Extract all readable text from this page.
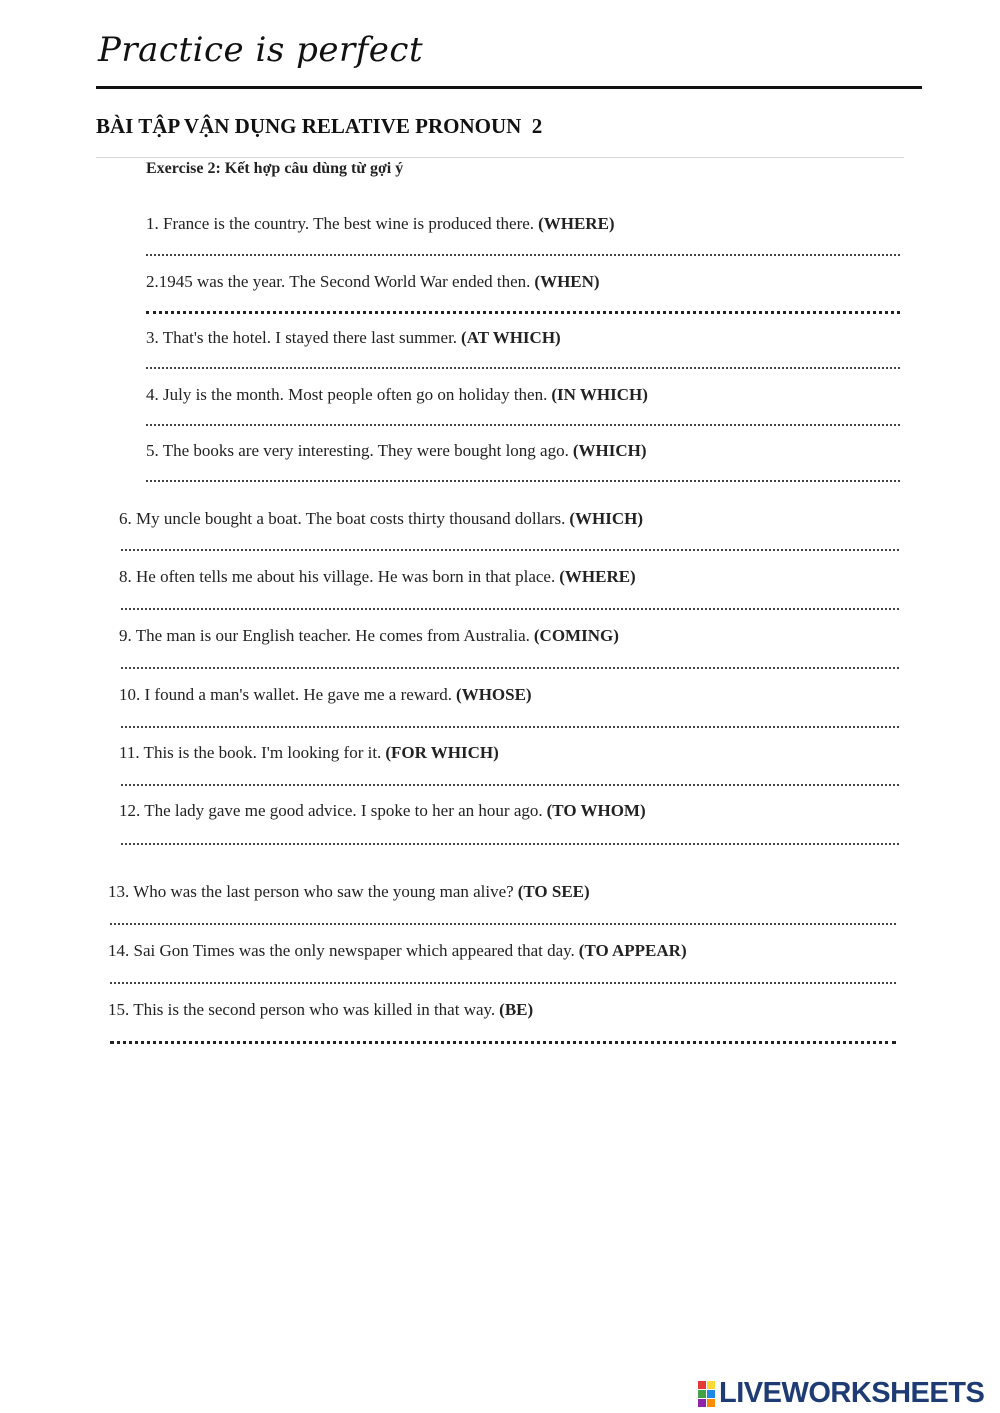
Practice is perfect
BÀI TẬP VẬN DỤNG RELATIVE PRONOUN  2
Exercise 2: Kết hợp câu dùng từ gợi ý
1. France is the country. The best wine is produced there. (WHERE)
2.1945 was the year. The Second World War ended then. (WHEN)
3. That's the hotel. I stayed there last summer. (AT WHICH)
4. July is the month. Most people often go on holiday then. (IN WHICH)
5. The books are very interesting. They were bought long ago. (WHICH)
6. My uncle bought a boat. The boat costs thirty thousand dollars. (WHICH)
8. He often tells me about his village. He was born in that place. (WHERE)
9. The man is our English teacher. He comes from Australia. (COMING)
10. I found a man's wallet. He gave me a reward. (WHOSE)
11. This is the book. I'm looking for it. (FOR WHICH)
12. The lady gave me good advice. I spoke to her an hour ago. (TO WHOM)
13. Who was the last person who saw the young man alive? (TO SEE)
14. Sai Gon Times was the only newspaper which appeared that day. (TO APPEAR)
15. This is the second person who was killed in that way. (BE)
LIVEWORKSHEETS
